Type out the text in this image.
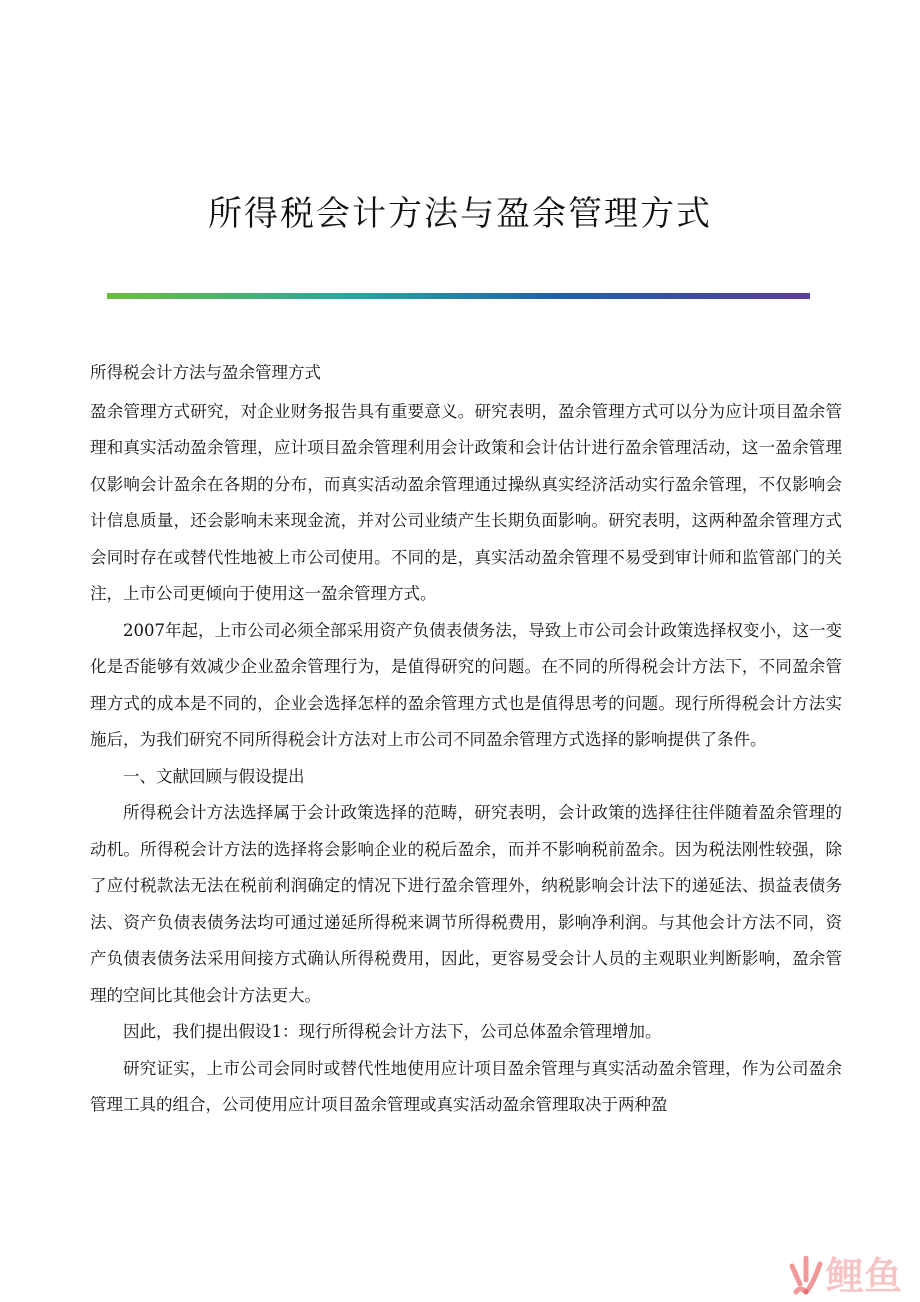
所得税会计方法与盈余管理方式

所得税会计方法与盈余管理方式

盈余管理方式研究，对企业财务报告具有重要意义。研究表明，盈余管理方式可以分为应计项目盈余管理和真实活动盈余管理，应计项目盈余管理利用会计政策和会计估计进行盈余管理活动，这一盈余管理仅影响会计盈余在各期的分布，而真实活动盈余管理通过操纵真实经济活动实行盈余管理，不仅影响会计信息质量，还会影响未来现金流，并对公司业绩产生长期负面影响。研究表明，这两种盈余管理方式会同时存在或替代性地被上市公司使用。不同的是，真实活动盈余管理不易受到审计师和监管部门的关注，上市公司更倾向于使用这一盈余管理方式。

2007年起，上市公司必须全部采用资产负债表债务法，导致上市公司会计政策选择权变小，这一变化是否能够有效减少企业盈余管理行为，是值得研究的问题。在不同的所得税会计方法下，不同盈余管理方式的成本是不同的，企业会选择怎样的盈余管理方式也是值得思考的问题。现行所得税会计方法实施后，为我们研究不同所得税会计方法对上市公司不同盈余管理方式选择的影响提供了条件。

一、文献回顾与假设提出

所得税会计方法选择属于会计政策选择的范畴，研究表明，会计政策的选择往往伴随着盈余管理的动机。所得税会计方法的选择将会影响企业的税后盈余，而并不影响税前盈余。因为税法刚性较强，除了应付税款法无法在税前利润确定的情况下进行盈余管理外，纳税影响会计法下的递延法、损益表债务法、资产负债表债务法均可通过递延所得税来调节所得税费用，影响净利润。与其他会计方法不同，资产负债表债务法采用间接方式确认所得税费用，因此，更容易受会计人员的主观职业判断影响，盈余管理的空间比其他会计方法更大。

因此，我们提出假设1：现行所得税会计方法下，公司总体盈余管理增加。

研究证实，上市公司会同时或替代性地使用应计项目盈余管理与真实活动盈余管理，作为公司盈余管理工具的组合，公司使用应计项目盈余管理或真实活动盈余管理取决于两种盈

鲤鱼
